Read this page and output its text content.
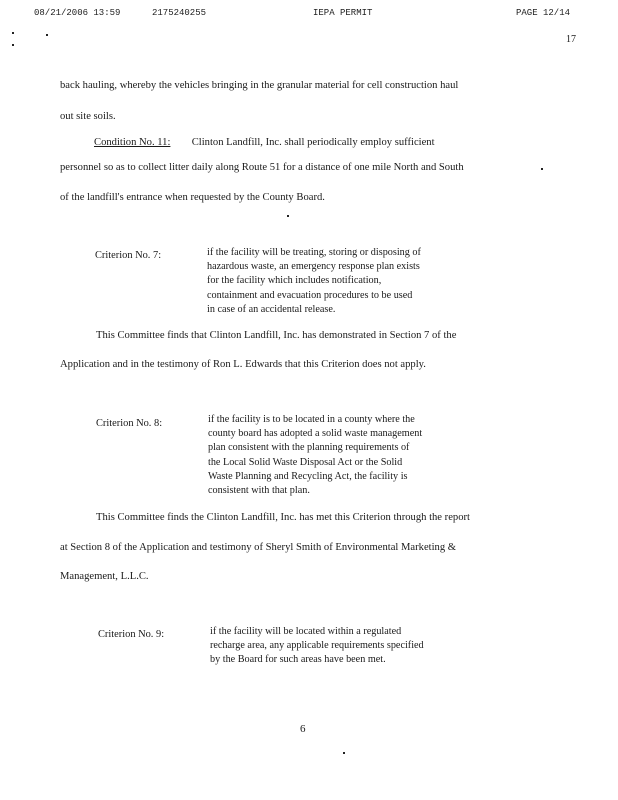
08/21/2006 13:59	2175240255	IEPA PERMIT	PAGE 12/14
17
back hauling, whereby the vehicles bringing in the granular material for cell construction haul
out site soils.
Condition No. 11: Clinton Landfill, Inc. shall periodically employ sufficient
personnel so as to collect litter daily along Route 51 for a distance of one mile North and South
of the landfill's entrance when requested by the County Board.
Criterion No. 7:	if the facility will be treating, storing or disposing of
hazardous waste, an emergency response plan exists
for the facility which includes notification,
containment and evacuation procedures to be used
in case of an accidental release.
This Committee finds that Clinton Landfill, Inc. has demonstrated in Section 7 of the
Application and in the testimony of Ron L. Edwards that this Criterion does not apply.
Criterion No. 8:	if the facility is to be located in a county where the
county board has adopted a solid waste management
plan consistent with the planning requirements of
the Local Solid Waste Disposal Act or the Solid
Waste Planning and Recycling Act, the facility is
consistent with that plan.
This Committee finds the Clinton Landfill, Inc. has met this Criterion through the report
at Section 8 of the Application and testimony of Sheryl Smith of Environmental Marketing &
Management, L.L.C.
Criterion No. 9:	if the facility will be located within a regulated
recharge area, any applicable requirements specified
by the Board for such areas have been met.
6
